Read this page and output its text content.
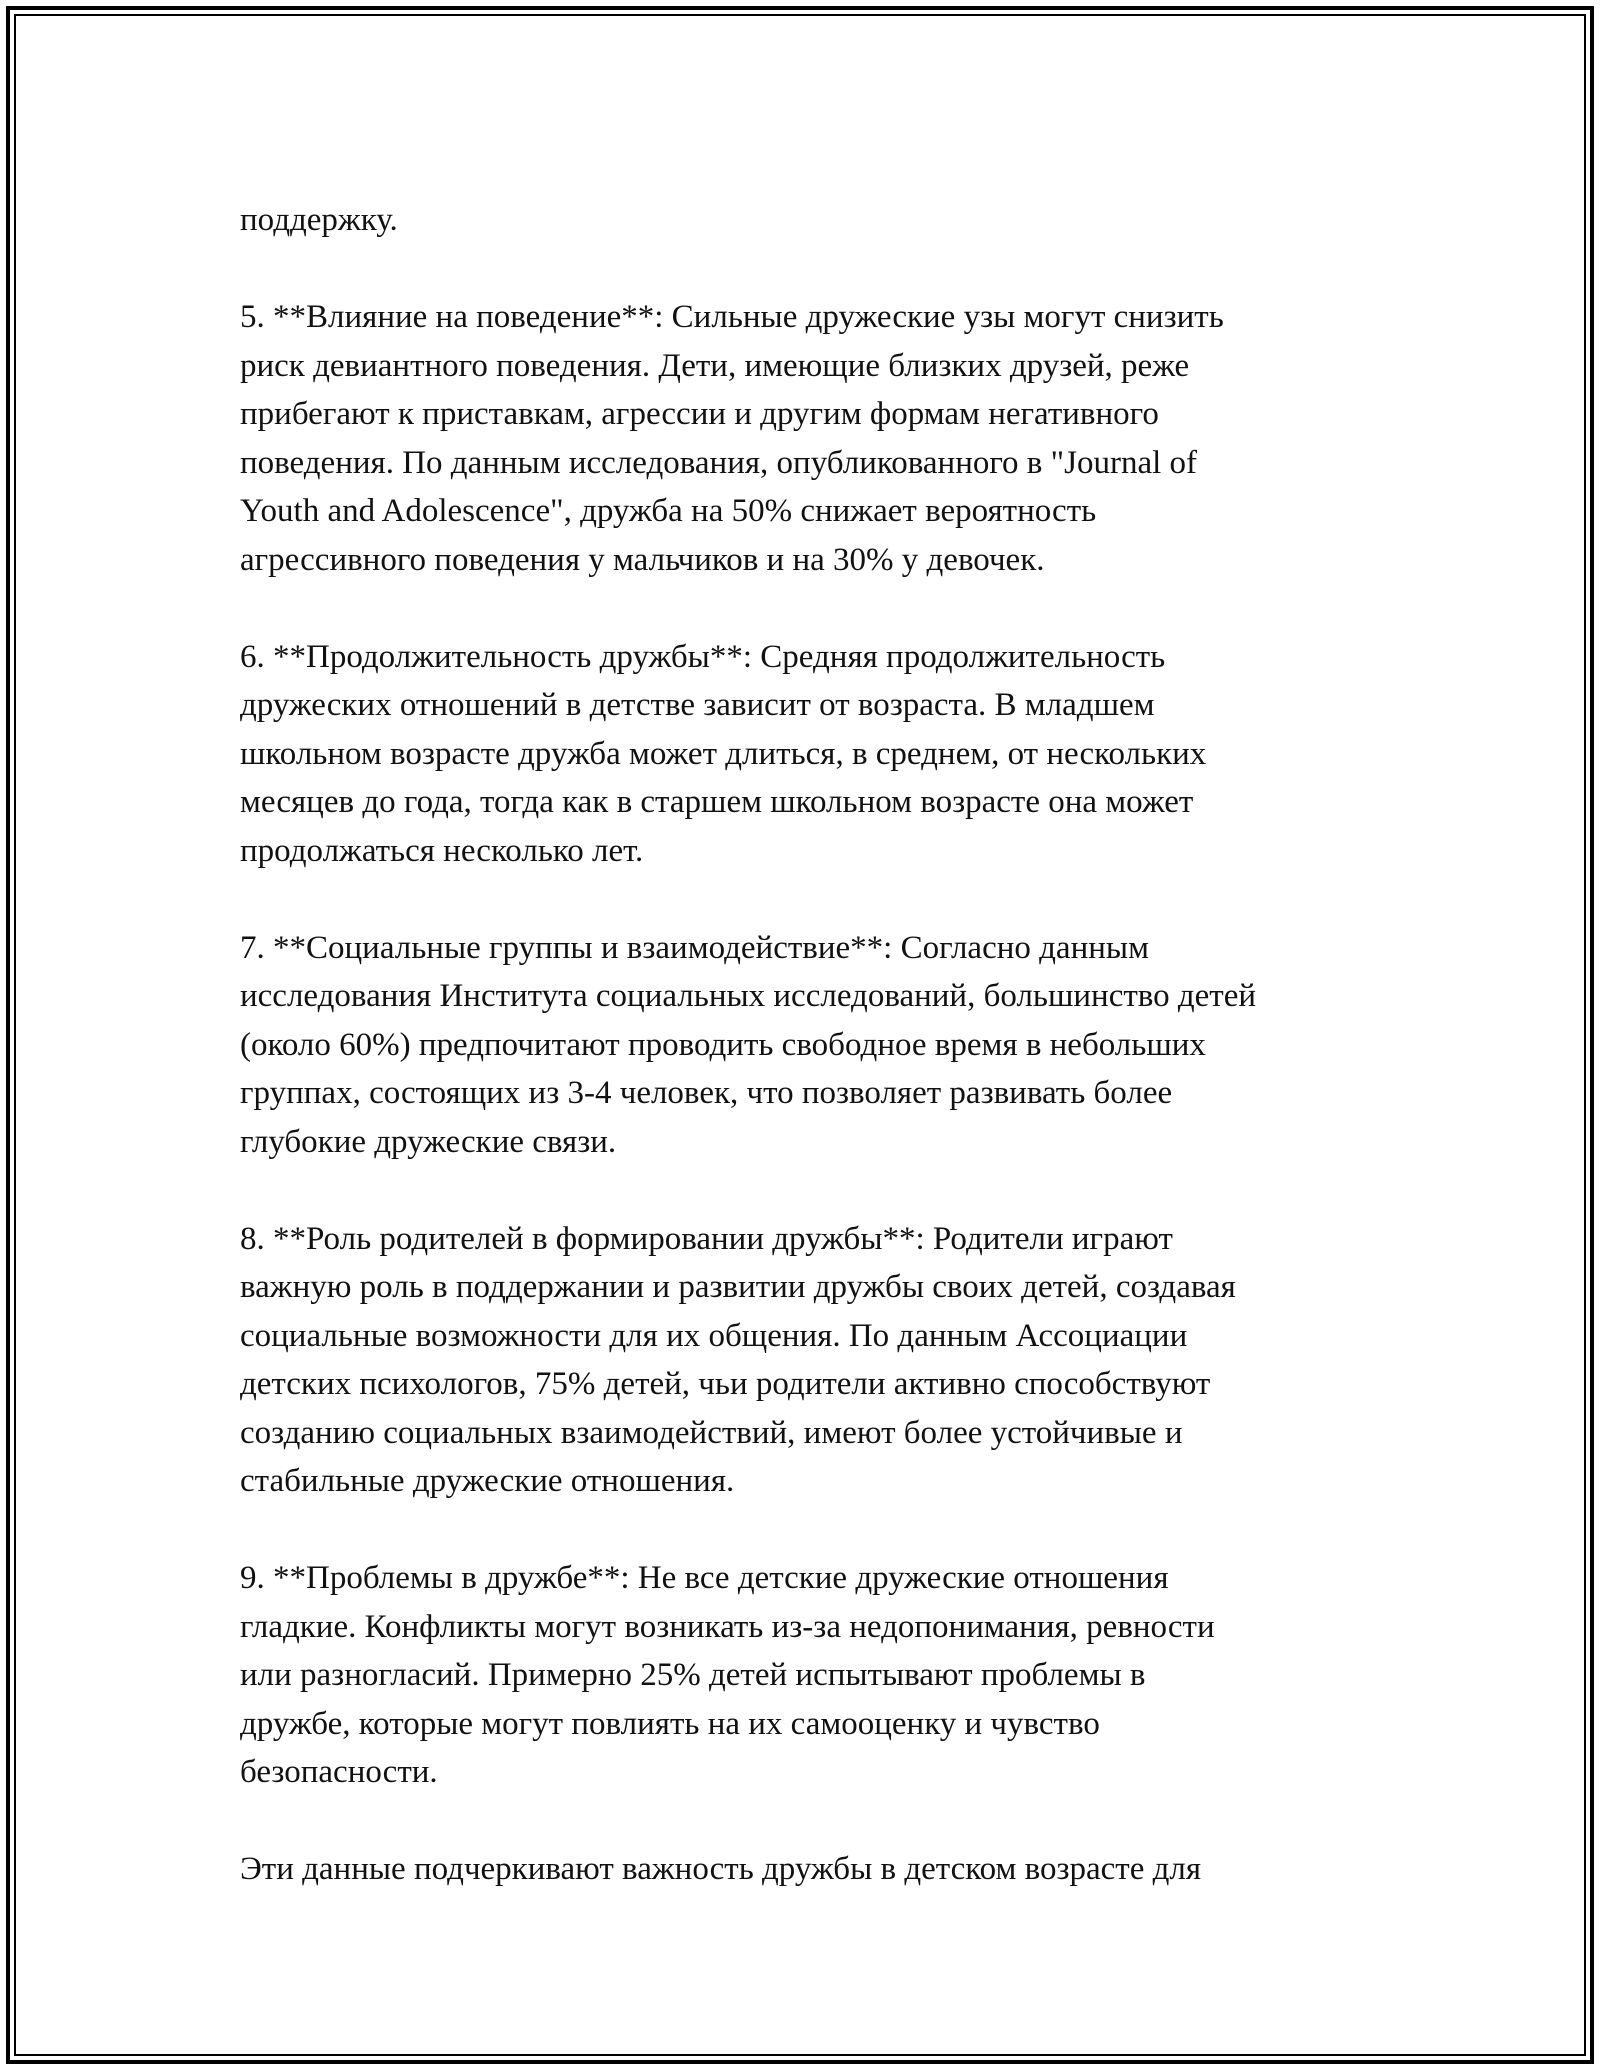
поддержку.

5. **Влияние на поведение**: Сильные дружеские узы могут снизить
риск девиантного поведения. Дети, имеющие близких друзей, реже
прибегают к приставкам, агрессии и другим формам негативного
поведения. По данным исследования, опубликованного в "Journal of
Youth and Adolescence", дружба на 50% снижает вероятность
агрессивного поведения у мальчиков и на 30% у девочек.

6. **Продолжительность дружбы**: Средняя продолжительность
дружеских отношений в детстве зависит от возраста. В младшем
школьном возрасте дружба может длиться, в среднем, от нескольких
месяцев до года, тогда как в старшем школьном возрасте она может
продолжаться несколько лет.

7. **Социальные группы и взаимодействие**: Согласно данным
исследования Института социальных исследований, большинство детей
(около 60%) предпочитают проводить свободное время в небольших
группах, состоящих из 3-4 человек, что позволяет развивать более
глубокие дружеские связи.

8. **Роль родителей в формировании дружбы**: Родители играют
важную роль в поддержании и развитии дружбы своих детей, создавая
социальные возможности для их общения. По данным Ассоциации
детских психологов, 75% детей, чьи родители активно способствуют
созданию социальных взаимодействий, имеют более устойчивые и
стабильные дружеские отношения.

9. **Проблемы в дружбе**: Не все детские дружеские отношения
гладкие. Конфликты могут возникать из-за недопонимания, ревности
или разногласий. Примерно 25% детей испытывают проблемы в
дружбе, которые могут повлиять на их самооценку и чувство
безопасности.

Эти данные подчеркивают важность дружбы в детском возрасте для
